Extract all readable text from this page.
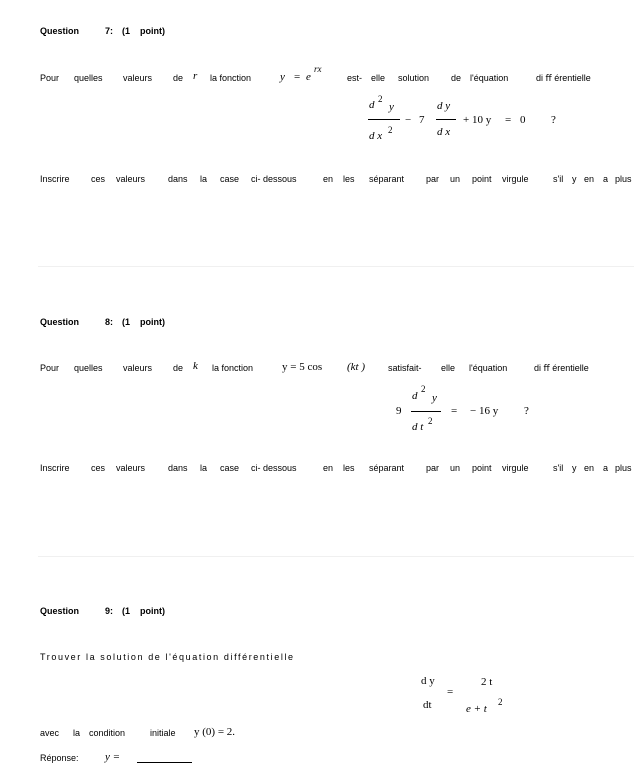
Question	7: (1 point)
Pour quelles valeurs de r la fonction	y = e
rx
est- elle solution de l'équation	di ﬀ érentielle
d 2
y
d x 2
− 7
d y
d x
+ 10 y = 0 ?
Inscrire ces valeurs	dans la case ci- dessous	en les séparant par un point virgule	s'il y en a plus
Question	8: (1 point)
Pour quelles valeurs de k la fonction	y = 5 cos (kt )	satisfait- elle l'équation	di ﬀ érentielle
9
d
2
y
d t 2
= − 16 y ?
Inscrire ces valeurs	dans la case ci- dessous	en les séparant par un point virgule	s'il y en a plus
Question	9: (1 point)
Trouver la solution de l'équation différentielle
d y
dt
=
2 t
e + t
2
avec la condition	initiale y (0) = 2.
Réponse: y =
